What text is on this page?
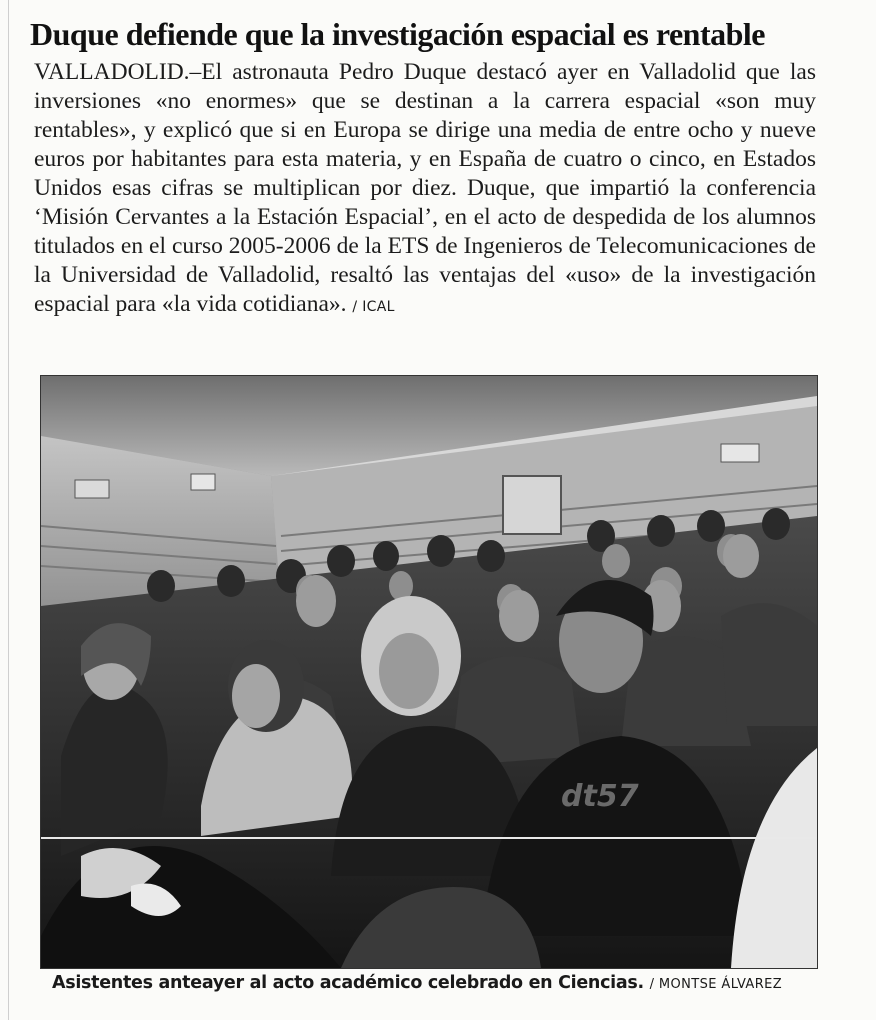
Duque defiende que la investigación espacial es rentable

VALLADOLID.–El astronauta Pedro Duque destacó ayer en Valladolid que las inversiones «no enormes» que se destinan a la carrera espacial «son muy rentables», y explicó que si en Europa se dirige una media de entre ocho y nueve euros por habitantes para esta materia, y en España de cuatro o cinco, en Estados Unidos esas cifras se multiplican por diez. Duque, que impartió la conferencia ‘Misión Cervantes a la Estación Espacial’, en el acto de despedida de los alumnos titulados en el curso 2005-2006 de la ETS de Ingenieros de Telecomunicaciones de la Universidad de Valladolid, resaltó las ventajas del «uso» de la investigación espacial para «la vida cotidiana». / ICAL

dt57

Asistentes anteayer al acto académico celebrado en Ciencias. / MONTSE ÁLVAREZ
